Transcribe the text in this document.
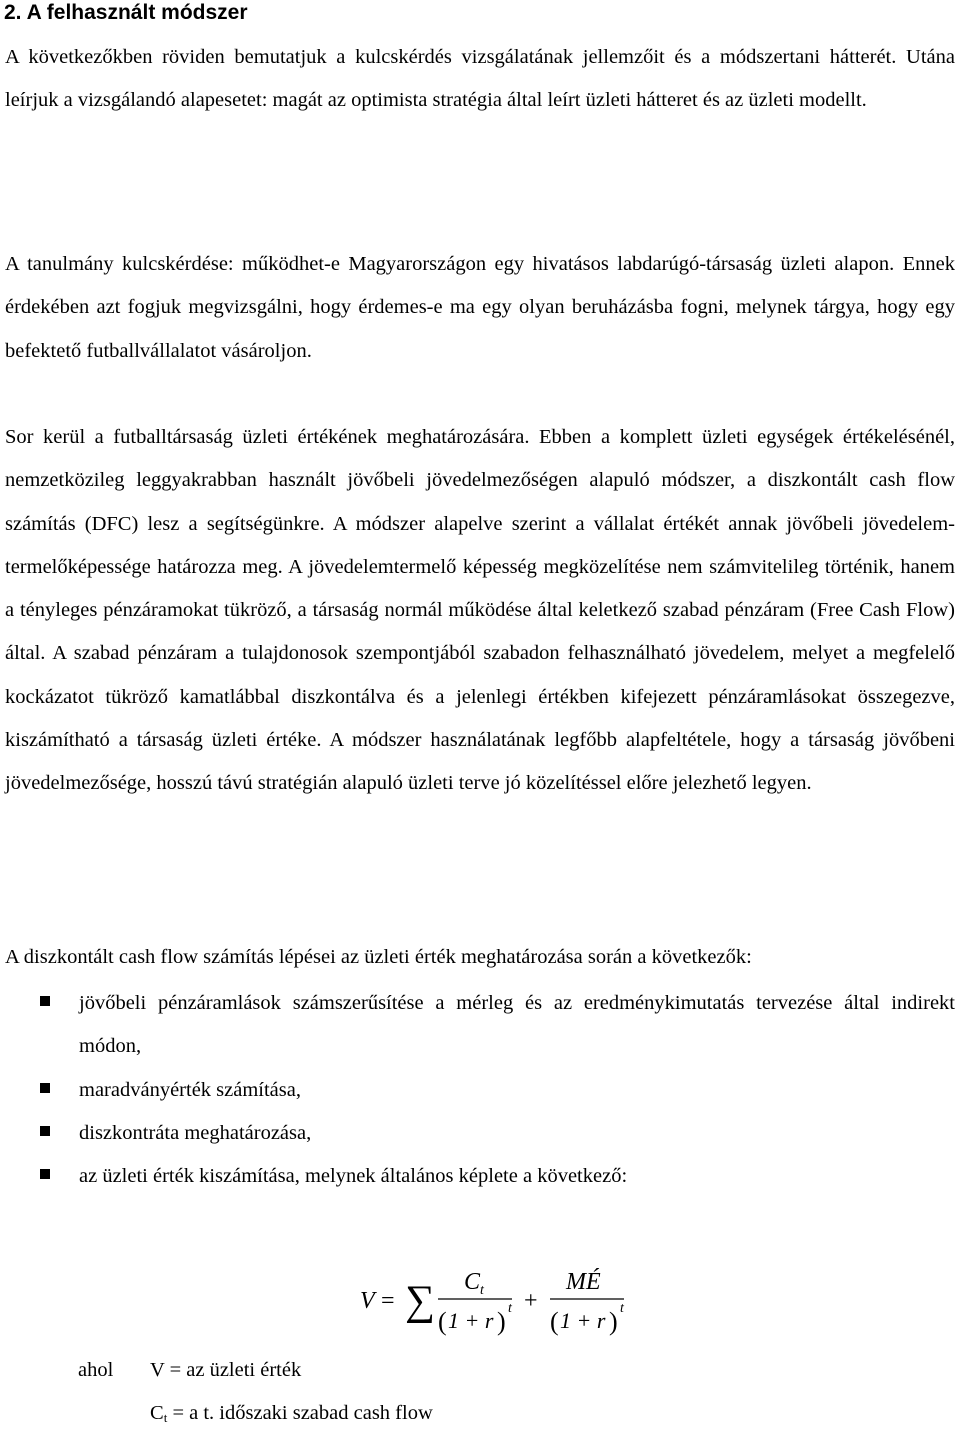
2. A felhasznált módszer

A következőkben röviden bemutatjuk a kulcskérdés vizsgálatának jellemzőit és a módszertani hátterét. Utána leírjuk a vizsgálandó alapesetet: magát az optimista stratégia által leírt üzleti hátteret és az üzleti modellt.

A tanulmány kulcskérdése: működhet-e Magyarországon egy hivatásos labdarúgó-társaság üzleti alapon. Ennek érdekében azt fogjuk megvizsgálni, hogy érdemes-e ma egy olyan beruházásba fogni, melynek tárgya, hogy egy befektető futballvállalatot vásároljon.

Sor kerül a futballtársaság üzleti értékének meghatározására. Ebben a komplett üzleti egységek értékelésénél, nemzetközileg leggyakrabban használt jövőbeli jövedelmezőségen alapuló módszer, a diszkontált cash flow számítás (DFC) lesz a segítségünkre. A módszer alapelve szerint a vállalat értékét annak jövőbeli jövedelem-termelőképessége határozza meg. A jövedelemtermelő képesség megközelítése nem számvitelileg történik, hanem a tényleges pénzáramokat tükröző, a társaság normál működése által keletkező szabad pénzáram (Free Cash Flow) által. A szabad pénzáram a tulajdonosok szempontjából szabadon felhasználható jövedelem, melyet a megfelelő kockázatot tükröző kamatlábbal diszkontálva és a jelenlegi értékben kifejezett pénzáramlásokat összegezve, kiszámítható a társaság üzleti értéke. A módszer használatának legfőbb alapfeltétele, hogy a társaság jövőbeni jövedelmezősége, hosszú távú stratégián alapuló üzleti terve jó közelítéssel előre jelezhető legyen.

A diszkontált cash flow számítás lépései az üzleti érték meghatározása során a következők:

jövőbeli pénzáramlások számszerűsítése a mérleg és az eredménykimutatás tervezése által indirekt módon,
maradványérték számítása,
diszkontráta meghatározása,
az üzleti érték kiszámítása, melynek általános képlete a következő:
V = ∑ C t
( 1 + r ) t +
MÉ
( 1 + r ) t
ahol V = az üzleti érték
$C_t = a$ t. időszaki szabad cash flow
